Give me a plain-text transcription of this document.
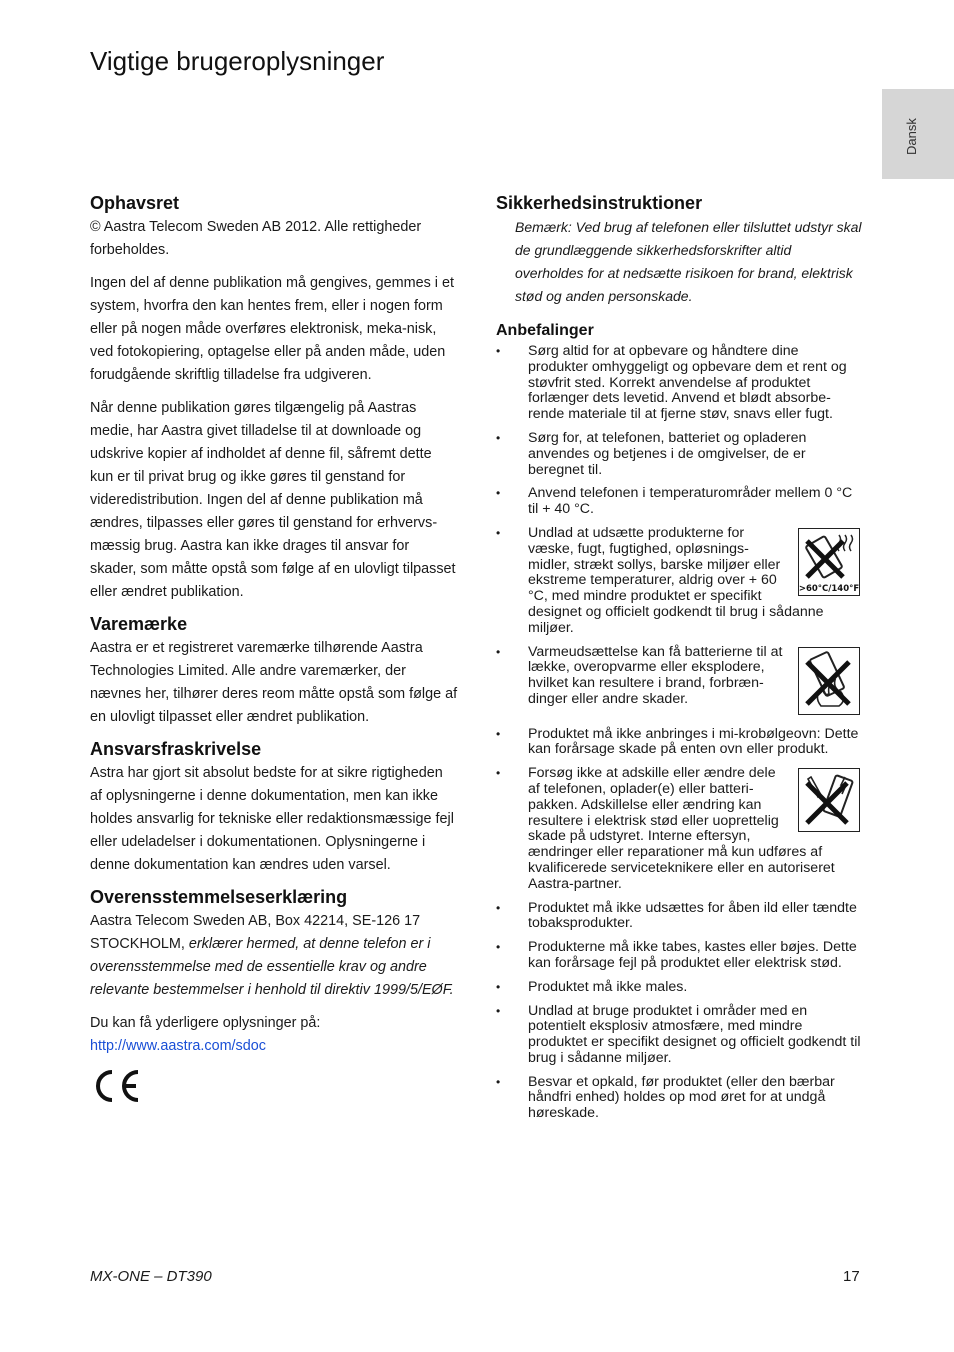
Vigtige brugeroplysninger
Dansk
Ophavsret

© Aastra Telecom Sweden AB 2012. Alle rettigheder forbeholdes.

Ingen del af denne publikation må gengives, gemmes i et system, hvorfra den kan hentes frem, eller i nogen form eller på nogen måde overføres elektronisk, meka-nisk, ved fotokopiering, optagelse eller på anden måde, uden forudgående skriftlig tilladelse fra udgiveren.

Når denne publikation gøres tilgængelig på Aastras medie, har Aastra givet tilladelse til at downloade og udskrive kopier af indholdet af denne fil, såfremt dette kun er til privat brug og ikke gøres til genstand for videredistribution. Ingen del af denne publikation må ændres, tilpasses eller gøres til genstand for erhvervs-mæssig brug. Aastra kan ikke drages til ansvar for skader, som måtte opstå som følge af en ulovligt tilpasset eller ændret publikation.

Varemærke

Aastra er et registreret varemærke tilhørende Aastra Technologies Limited. Alle andre varemærker, der nævnes her, tilhører deres reom måtte opstå som følge af en ulovligt tilpasset eller ændret publikation.

Ansvarsfraskrivelse

Astra har gjort sit absolut bedste for at sikre rigtigheden af oplysningerne i denne dokumentation, men kan ikke holdes ansvarlig for tekniske eller redaktionsmæssige fejl eller udeladelser i dokumentationen. Oplysningerne i denne dokumentation kan ændres uden varsel.

Overensstemmelseserklæring

Aastra Telecom Sweden AB, Box 42214, SE-126 17 STOCKHOLM, erklærer hermed, at denne telefon er i overensstemmelse med de essentielle krav og andre relevante bestemmelser i henhold til direktiv 1999/5/EØF.

Du kan få yderligere oplysninger på:
http://www.aastra.com/sdoc

Sikkerhedsinstruktioner

Bemærk: Ved brug af telefonen eller tilsluttet udstyr skal de grundlæggende sikkerhedsforskrifter altid overholdes for at nedsætte risikoen for brand, elektrisk stød og anden personskade.

Anbefalinger
• Sørg altid for at opbevare og håndtere dine produkter omhyggeligt og opbevare dem et rent og støvfrit sted. Korrekt anvendelse af produktet forlænger dets levetid. Anvend et blødt absorbe-rende materiale til at fjerne støv, snavs eller fugt.
• Sørg for, at telefonen, batteriet og opladeren anvendes og betjenes i de omgivelser, de er beregnet til.
• Anvend telefonen i temperaturområder mellem 0 °C til + 40 °C.
• >60°C/140°F
Undlad at udsætte produkterne for væske, fugt, fugtighed, opløsnings-midler, strækt sollys, barske miljøer eller ekstreme temperaturer, aldrig over + 60 °C, med mindre produktet er specifikt designet og officielt godkendt til brug i sådanne miljøer.
• Varmeudsættelse kan få batterierne til at lække, overopvarme eller eksplodere, hvilket kan resultere i brand, forbræn-dinger eller andre skader.
• Produktet må ikke anbringes i mi-krobølgeovn: Dette kan forårsage skade på enten ovn eller produkt.
• Forsøg ikke at adskille eller ændre dele af telefonen, oplader(e) eller batteri-pakken. Adskillelse eller ændring kan resultere i elektrisk stød eller uoprettelig skade på udstyret. Interne eftersyn, ændringer eller reparationer må kun udføres af kvalificerede serviceteknikere eller en autoriseret Aastra-partner.
• Produktet må ikke udsættes for åben ild eller tændte tobaksprodukter.
• Produkterne må ikke tabes, kastes eller bøjes. Dette kan forårsage fejl på produktet eller elektrisk stød.
• Produktet må ikke males.
• Undlad at bruge produktet i områder med en potentielt eksplosiv atmosfære, med mindre produktet er specifikt designet og officielt godkendt til brug i sådanne miljøer.
• Besvar et opkald, før produktet (eller den bærbar håndfri enhed) holdes op mod øret for at undgå høreskade.
MX-ONE – DT390	17
